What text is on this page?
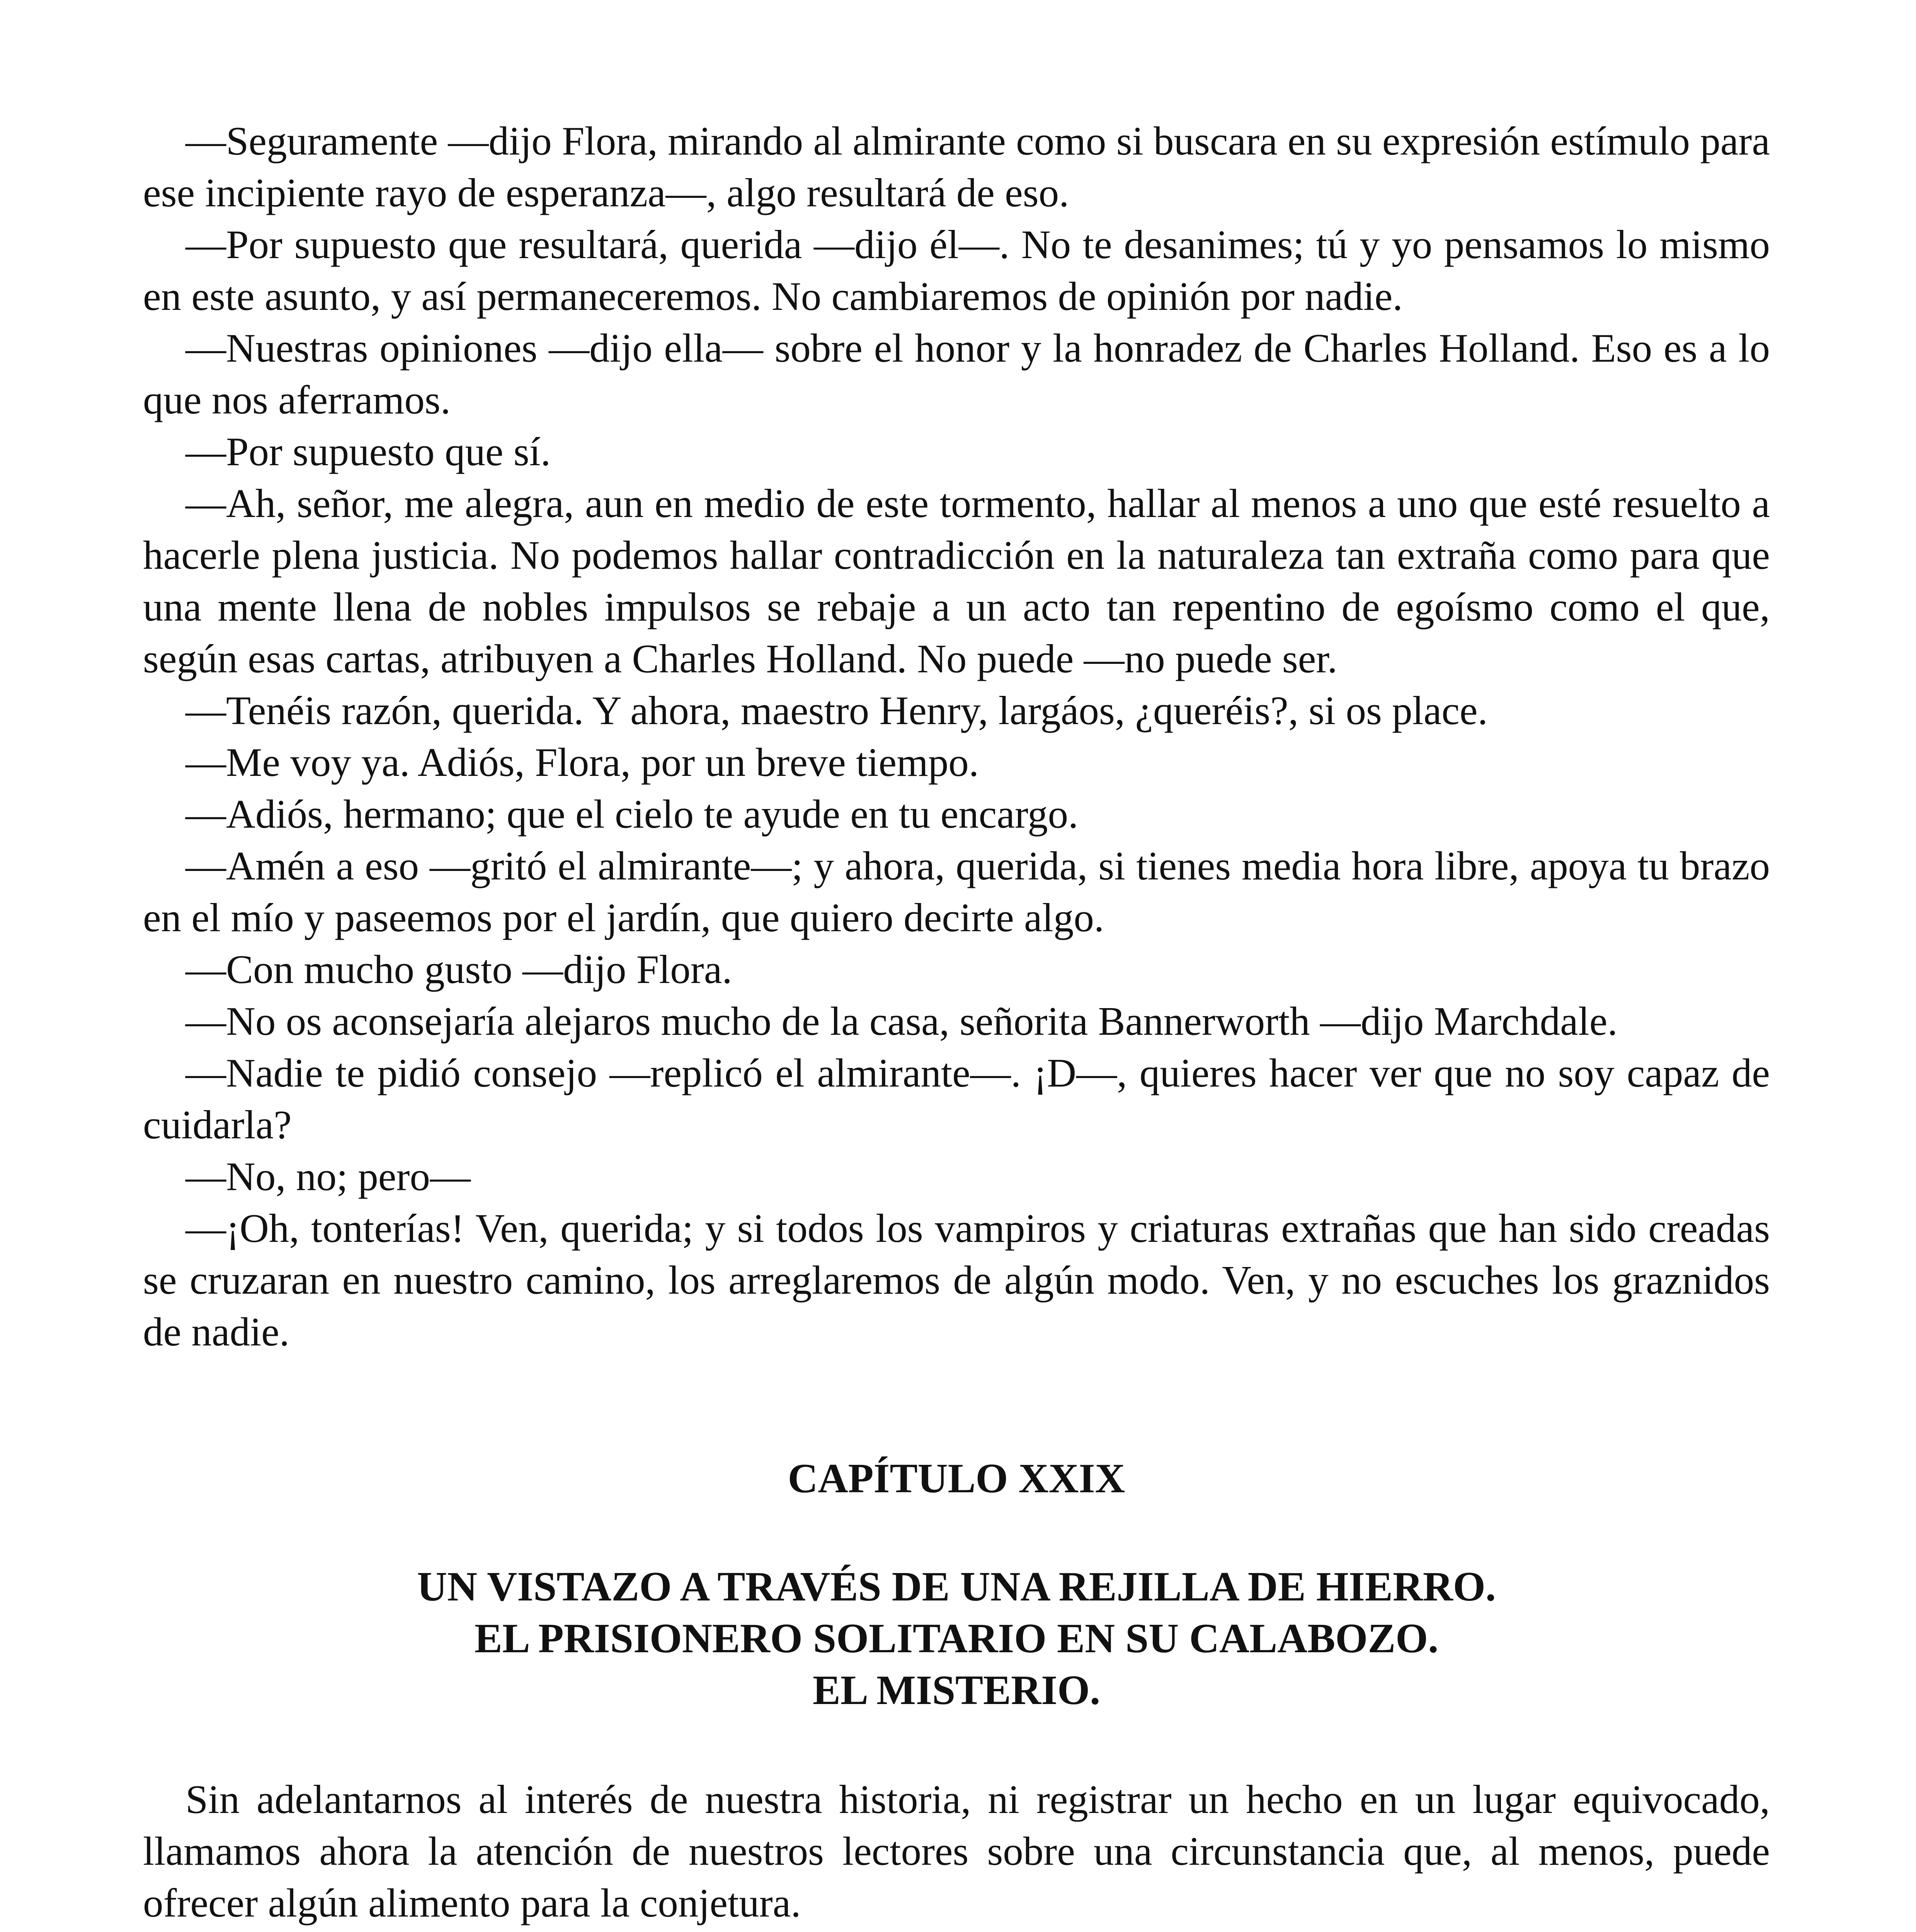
—Seguramente —dijo Flora, mirando al almirante como si buscara en su expresión estímulo para ese incipiente rayo de esperanza—, algo resultará de eso.

—Por supuesto que resultará, querida —dijo él—. No te desanimes; tú y yo pensamos lo mismo en este asunto, y así permaneceremos. No cambiaremos de opinión por nadie.

—Nuestras opiniones —dijo ella— sobre el honor y la honradez de Charles Holland. Eso es a lo que nos aferramos.

—Por supuesto que sí.

—Ah, señor, me alegra, aun en medio de este tormento, hallar al menos a uno que esté resuelto a hacerle plena justicia. No podemos hallar contradicción en la naturaleza tan extraña como para que una mente llena de nobles impulsos se rebaje a un acto tan repentino de egoísmo como el que, según esas cartas, atribuyen a Charles Holland. No puede —no puede ser.

—Tenéis razón, querida. Y ahora, maestro Henry, largáos, ¿queréis?, si os place.

—Me voy ya. Adiós, Flora, por un breve tiempo.

—Adiós, hermano; que el cielo te ayude en tu encargo.

—Amén a eso —gritó el almirante—; y ahora, querida, si tienes media hora libre, apoya tu brazo en el mío y paseemos por el jardín, que quiero decirte algo.

—Con mucho gusto —dijo Flora.

—No os aconsejaría alejaros mucho de la casa, señorita Bannerworth —dijo Marchdale.

—Nadie te pidió consejo —replicó el almirante—. ¡D—, quieres hacer ver que no soy capaz de cuidarla?

—No, no; pero—

—¡Oh, tonterías! Ven, querida; y si todos los vampiros y criaturas extrañas que han sido creadas se cruzaran en nuestro camino, los arreglaremos de algún modo. Ven, y no escuches los graznidos de nadie.

CAPÍTULO XXIX
UN VISTAZO A TRAVÉS DE UNA REJILLA DE HIERRO.
EL PRISIONERO SOLITARIO EN SU CALABOZO.
EL MISTERIO.

Sin adelantarnos al interés de nuestra historia, ni registrar un hecho en un lugar equivocado, llamamos ahora la atención de nuestros lectores sobre una circunstancia que, al menos, puede ofrecer algún alimento para la conjetura.
